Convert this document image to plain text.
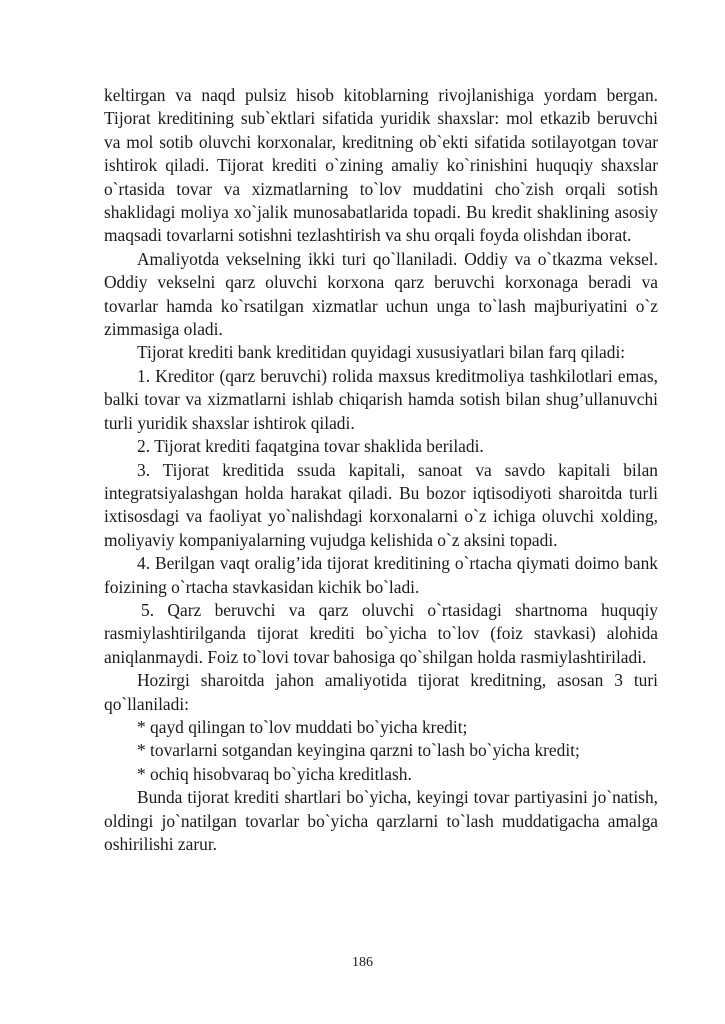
keltirgan va naqd pulsiz hisob kitoblarning rivojlanishiga yordam bergan. Tijorat kreditining sub`ektlari sifatida yuridik shaxslar: mol etkazib beruvchi va mol sotib oluvchi korxonalar, kreditning ob`ekti sifatida sotilayotgan tovar ishtirok qiladi. Tijorat krediti o`zining amaliy ko`rinishini huquqiy shaxslar o`rtasida tovar va xizmatlarning to`lov muddatini cho`zish orqali sotish shaklidagi moliya xo`jalik munosabatlarida topadi. Bu kredit shaklining asosiy maqsadi tovarlarni sotishni tezlashtirish va shu orqali foyda olishdan iborat.

Amaliyotda vekselning ikki turi qo`llaniladi. Oddiy va o`tkazma veksel. Oddiy vekselni qarz oluvchi korxona qarz beruvchi korxonaga beradi va tovarlar hamda ko`rsatilgan xizmatlar uchun unga to`lash majburiyatini o`z zimmasiga oladi.

Tijorat krediti bank kreditidan quyidagi xususiyatlari bilan farq qiladi:

1. Kreditor (qarz beruvchi) rolida maxsus kreditmoliya tashkilotlari emas, balki tovar va xizmatlarni ishlab chiqarish hamda sotish bilan shug’ullanuvchi turli yuridik shaxslar ishtirok qiladi.

2. Tijorat krediti faqatgina tovar shaklida beriladi.

3. Tijorat kreditida ssuda kapitali, sanoat va savdo kapitali bilan integratsiyalashgan holda harakat qiladi. Bu bozor iqtisodiyoti sharoitda turli ixtisosdagi va faoliyat yo`nalishdagi korxonalarni o`z ichiga oluvchi xolding, moliyaviy kompaniyalarning vujudga kelishida o`z aksini topadi.

4. Berilgan vaqt oralig’ida tijorat kreditining o`rtacha qiymati doimo bank foizining o`rtacha stavkasidan kichik bo`ladi.

5. Qarz beruvchi va qarz oluvchi o`rtasidagi shartnoma huquqiy rasmiylashtirilganda tijorat krediti bo`yicha to`lov (foiz stavkasi) alohida aniqlanmaydi. Foiz to`lovi tovar bahosiga qo`shilgan holda rasmiylashtiriladi.

Hozirgi sharoitda jahon amaliyotida tijorat kreditning, asosan 3 turi qo`llaniladi:

* qayd qilingan to`lov muddati bo`yicha kredit;

* tovarlarni sotgandan keyingina qarzni to`lash bo`yicha kredit;

* ochiq hisobvaraq bo`yicha kreditlash.

Bunda tijorat krediti shartlari bo`yicha, keyingi tovar partiyasini jo`natish, oldingi jo`natilgan tovarlar bo`yicha qarzlarni to`lash muddatigacha amalga oshirilishi zarur.

186
